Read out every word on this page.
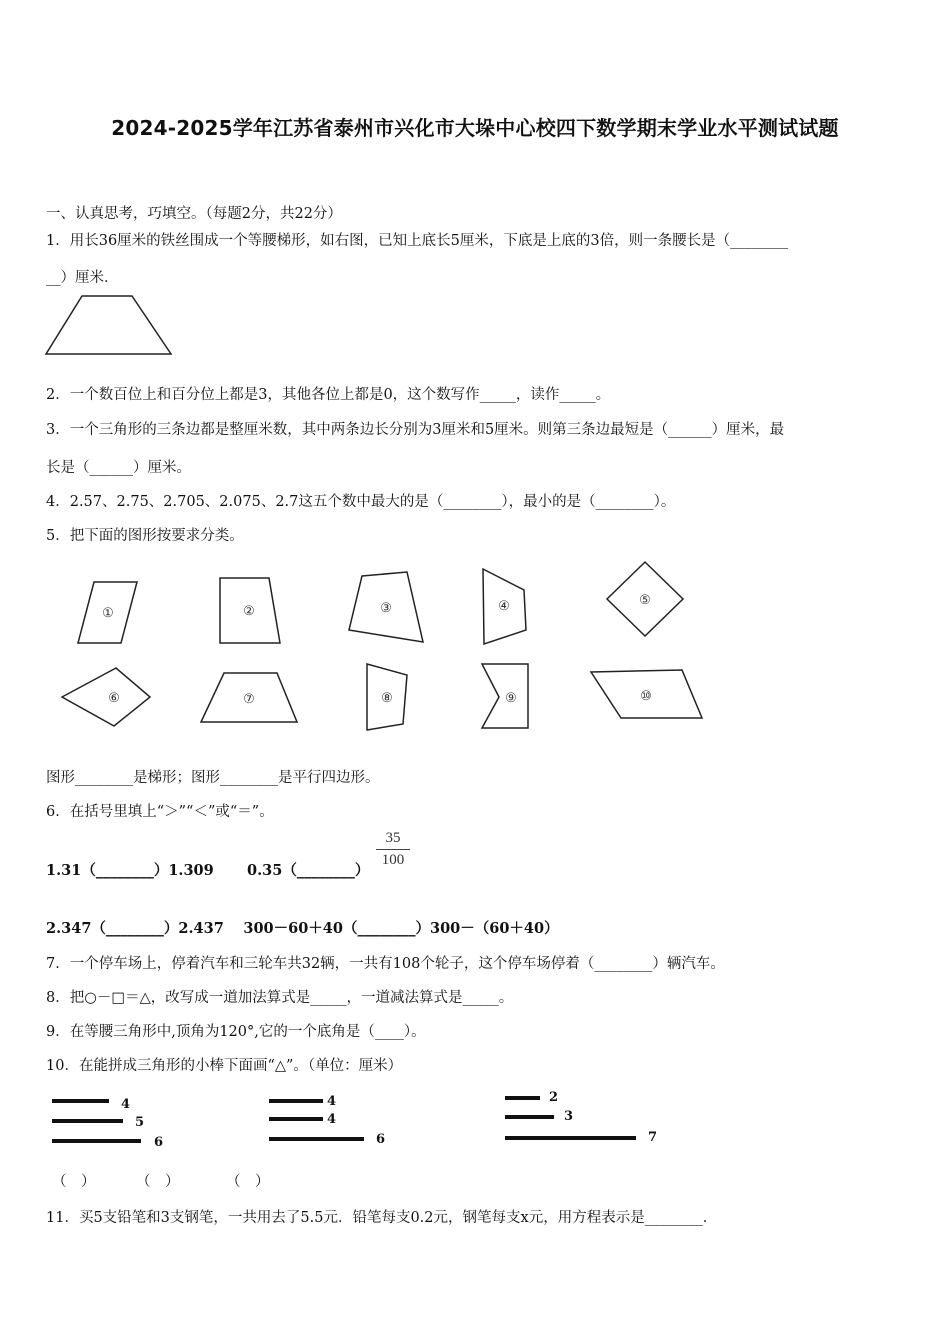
2024-2025学年江苏省泰州市兴化市大垛中心校四下数学期末学业水平测试试题
一、认真思考，巧填空。（每题2分，共22分）
1．用长36厘米的铁丝围成一个等腰梯形，如右图，已知上底长5厘米，下底是上底的3倍，则一条腰长是（________
__）厘米．
2．一个数百位上和百分位上都是3，其他各位上都是0，这个数写作_____，读作_____。
3．一个三角形的三条边都是整厘米数，其中两条边长分别为3厘米和5厘米。则第三条边最短是（______）厘米，最
长是（______）厘米。
4．2.57、2.75、2.705、2.075、2.7这五个数中最大的是（________），最小的是（________）。
5．把下面的图形按要求分类。
图形________是梯形；图形________是平行四边形。
6．在括号里填上“＞”“＜”或“＝”。
1.31（________）1.309 0.35（________）
$\frac{35}{100}$
2.347（________）2.437　 300－60＋40（________）300－（60＋40）
7．一个停车场上，停着汽车和三轮车共32辆，一共有108个轮子，这个停车场停着（________）辆汽车。
8．把○－□＝△，改写成一道加法算式是_____，一道减法算式是_____。
9．在等腰三角形中,顶角为120°,它的一个底角是（____）。
10．在能拼成三角形的小棒下面画“△”。（单位：厘米）
（　）	（　）	（　）
11．买5支铅笔和3支钢笔，一共用去了5.5元．铅笔每支0.2元，钢笔每支x元，用方程表示是________．
①	②	③	④	⑤
⑥	⑦	⑧	⑨	⑩
4
5
6
4
4
6
2
3
7
